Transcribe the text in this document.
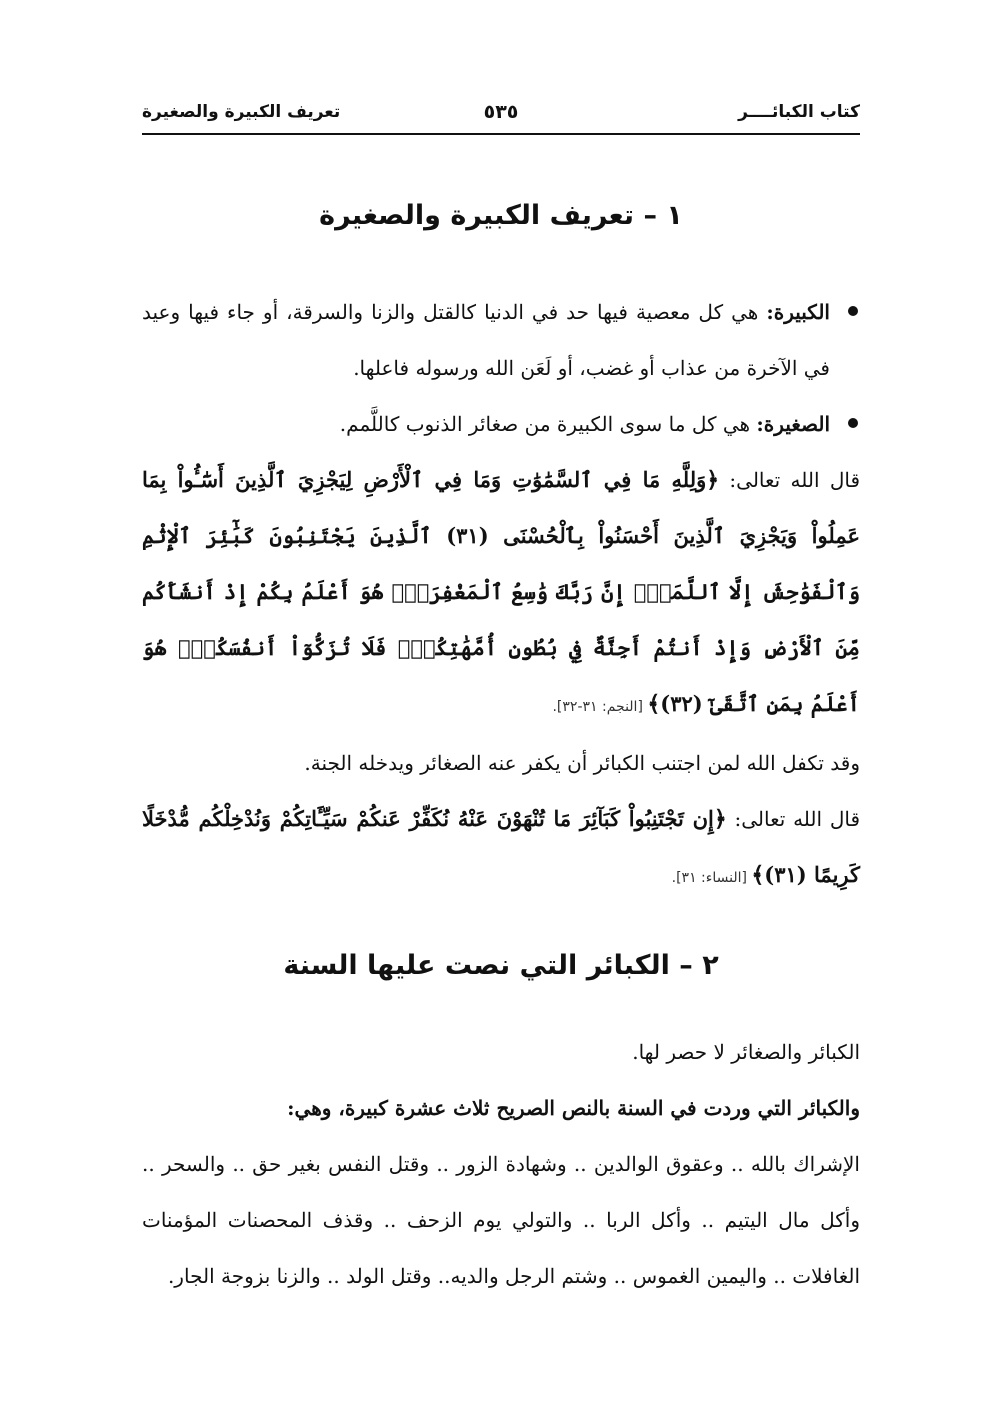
كتاب الكبائــــر
٥٣٥
تعريف الكبيرة والصغيرة
١ – تعريف الكبيرة والصغيرة

الكبيرة: هي كل معصية فيها حد في الدنيا كالقتل والزنا والسرقة، أو جاء فيها وعيد في الآخرة من عذاب أو غضب، أو لَعَن الله ورسوله فاعلها.

الصغيرة: هي كل ما سوى الكبيرة من صغائر الذنوب كاللَّمم.

قال الله تعالى: ﴿وَلِلَّهِ مَا فِي ٱلسَّمَٰوَٰتِ وَمَا فِي ٱلْأَرْضِ لِيَجْزِيَ ٱلَّذِينَ أَسَٰٓـُٔواْ بِمَا عَمِلُواْ وَيَجْزِيَ ٱلَّذِينَ أَحْسَنُواْ بِٱلْحُسْنَى (٣١) ٱلَّذِينَ يَجْتَنِبُونَ كَبَٰٓئِرَ ٱلْإِثْمِ وَٱلْفَوَٰحِشَ إِلَّا ٱللَّمَمَۚ إِنَّ رَبَّكَ وَٰسِعُ ٱلْمَغْفِرَةِۚ هُوَ أَعْلَمُ بِكُمْ إِذْ أَنشَأَكُم مِّنَ ٱلْأَرْضِ وَإِذْ أَنتُمْ أَجِنَّةٌ فِي بُطُونِ أُمَّهَٰتِكُمْۖ فَلَا تُزَكُّوٓاْ أَنفُسَكُمْۖ هُوَ أَعْلَمُ بِمَنِ ٱتَّقَىٰٓ (٣٢)﴾ [النجم: ٣١-٣٢].

وقد تكفل الله لمن اجتنب الكبائر أن يكفر عنه الصغائر ويدخله الجنة.

قال الله تعالى: ﴿إِن تَجْتَنِبُواْ كَبَآئِرَ مَا تُنْهَوْنَ عَنْهُ نُكَفِّرْ عَنكُمْ سَيِّـَٔاتِكُمْ وَنُدْخِلْكُم مُّدْخَلًا كَرِيمًا (٣١)﴾ [النساء: ٣١].

٢ – الكبائر التي نصت عليها السنة

الكبائر والصغائر لا حصر لها.

والكبائر التي وردت في السنة بالنص الصريح ثلاث عشرة كبيرة، وهي:

الإشراك بالله .. وعقوق الوالدين .. وشهادة الزور .. وقتل النفس بغير حق .. والسحر .. وأكل مال اليتيم .. وأكل الربا .. والتولي يوم الزحف .. وقذف المحصنات المؤمنات الغافلات .. واليمين الغموس .. وشتم الرجل والديه.. وقتل الولد .. والزنا بزوجة الجار.
